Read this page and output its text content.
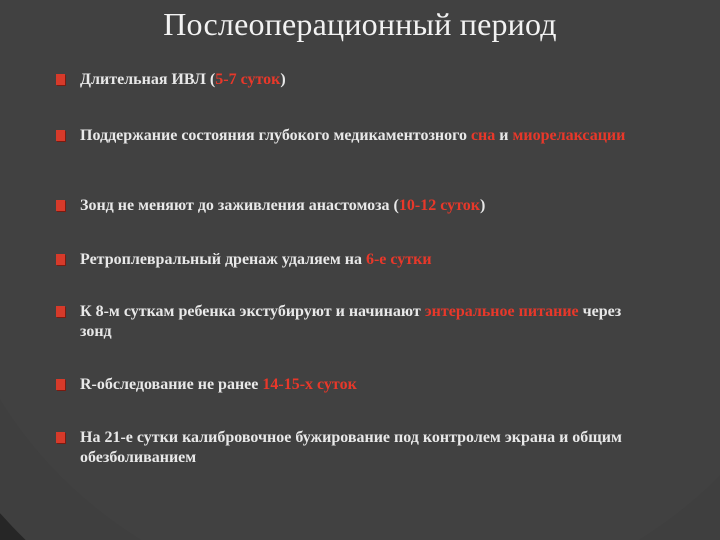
Послеоперационный период
Длительная ИВЛ (5-7 суток)
Поддержание состояния глубокого медикаментозного сна и миорелаксации
Зонд не меняют до заживления анастомоза (10-12 суток)
Ретроплевральный дренаж удаляем на 6-е сутки
К 8-м суткам ребенка экстубируют и начинают энтеральное питание через зонд
R-обследование не ранее 14-15-х суток
На 21-е сутки калибровочное бужирование под контролем экрана и общим обезболиванием
